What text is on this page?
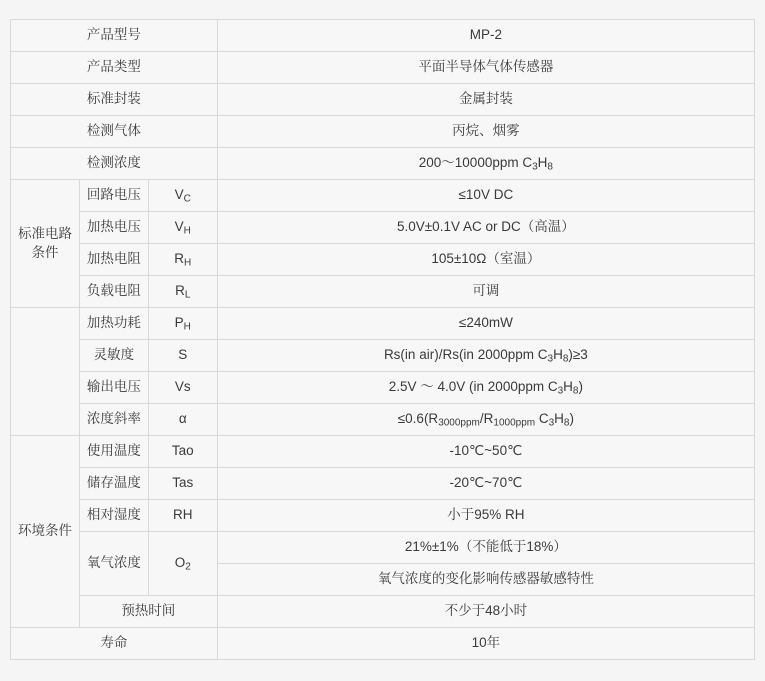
产品型号			MP-2
产品类型			平面半导体气体传感器
标准封装			金属封装
检测气体			丙烷、烟雾
检测浓度			200～10000ppm $C_3H_8$
标准电路条件	回路电压	$V_C$	≤10V DC
	加热电压	$V_H$	5.0V±0.1V AC or DC（高温）
	加热电阻	$R_H$	105±10Ω（室温）
	负载电阻	$R_L$	可调
	加热功耗	$P_H$	≤240mW
	灵敏度	S	Rs(in air)/Rs(in 2000ppm $C_3H_8)\ge 3$
	输出电压	Vs	2.5V ～ 4.0V (in 2000ppm $C_3H_8$)
	浓度斜率	α	$\le 0.6(R_{3000ppm}/R_{1000ppm}$ $C_3H_8$)
环境条件	使用温度	Tao	-10℃~50℃
	储存温度	Tas	-20℃~70℃
	相对湿度	RH	小于95% RH
	氧气浓度	$O_2$	21%±1%（不能低于18%）
			氧气浓度的变化影响传感器敏感特性
	预热时间		不少于48小时
寿命			10年
